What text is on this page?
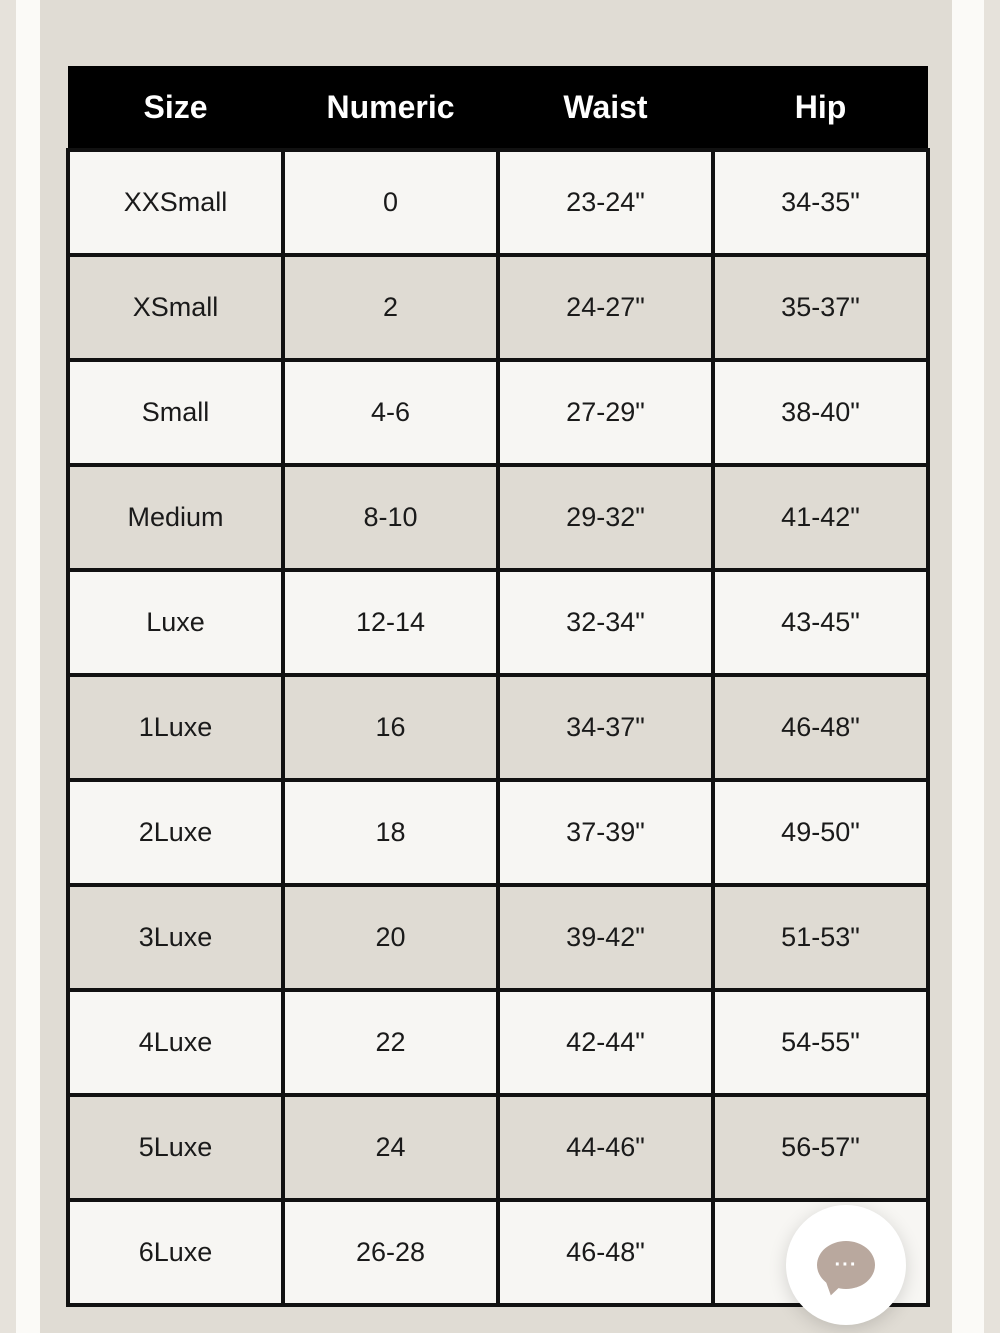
Size	Numeric	Waist	Hip
XXSmall	0	23-24"	34-35"
XSmall	2	24-27"	35-37"
Small	4-6	27-29"	38-40"
Medium	8-10	29-32"	41-42"
Luxe	12-14	32-34"	43-45"
1Luxe	16	34-37"	46-48"
2Luxe	18	37-39"	49-50"
3Luxe	20	39-42"	51-53"
4Luxe	22	42-44"	54-55"
5Luxe	24	44-46"	56-57"
6Luxe	26-28	46-48"		···
